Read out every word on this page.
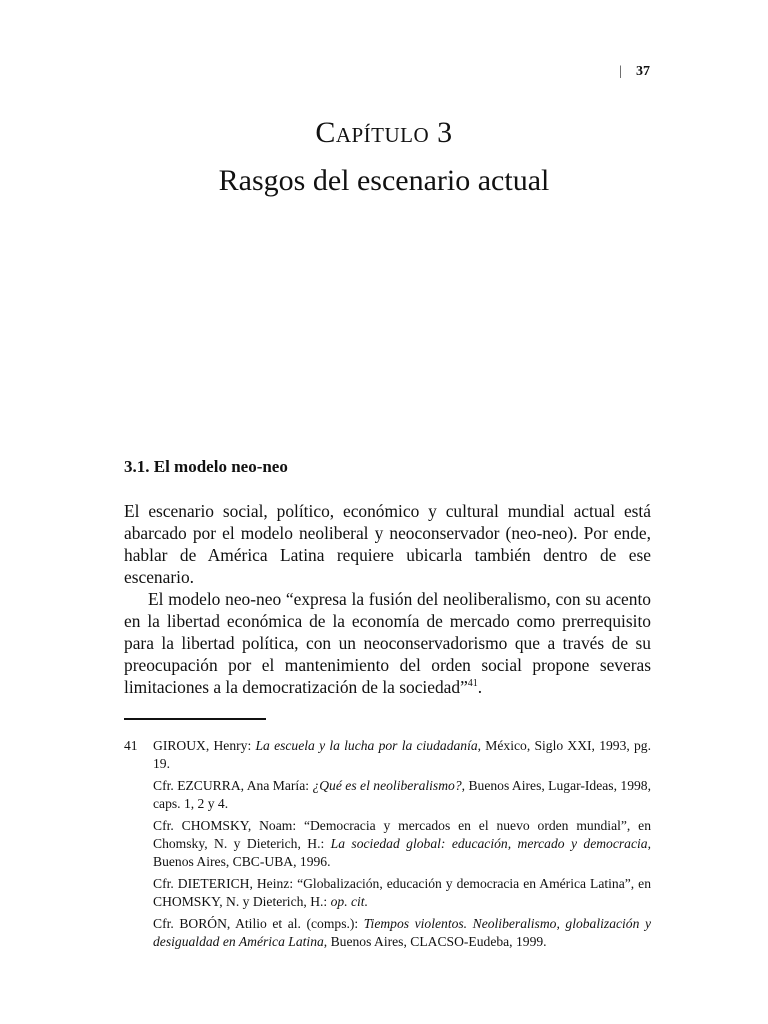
| 37
Capítulo 3
Rasgos del escenario actual
3.1. El modelo neo-neo

El escenario social, político, económico y cultural mundial actual está abarcado por el modelo neoliberal y neoconservador (neo-neo). Por ende, hablar de América Latina requiere ubicarla también dentro de ese escenario.

El modelo neo-neo “expresa la fusión del neoliberalismo, con su acento en la libertad económica de la economía de mercado como prerrequisito para la libertad política, con un neoconservadorismo que a través de su preocupación por el mantenimiento del orden social propone severas limitaciones a la democratización de la sociedad”$^{41}$.

41	GIROUX, Henry: La escuela y la lucha por la ciudadanía, México, Siglo XXI, 1993, pg. 19.

Cfr. EZCURRA, Ana María: ¿Qué es el neoliberalismo?, Buenos Aires, Lugar-Ideas, 1998, caps. 1, 2 y 4.

Cfr. CHOMSKY, Noam: “Democracia y mercados en el nuevo orden mundial”, en Chomsky, N. y Dieterich, H.: La sociedad global: educación, mercado y democracia, Buenos Aires, CBC-UBA, 1996.

Cfr. DIETERICH, Heinz: “Globalización, educación y democracia en América Latina”, en CHOMSKY, N. y Dieterich, H.: op. cit.

Cfr. BORÓN, Atilio et al. (comps.): Tiempos violentos. Neoliberalismo, globalización y desigualdad en América Latina, Buenos Aires, CLACSO-Eudeba, 1999.
